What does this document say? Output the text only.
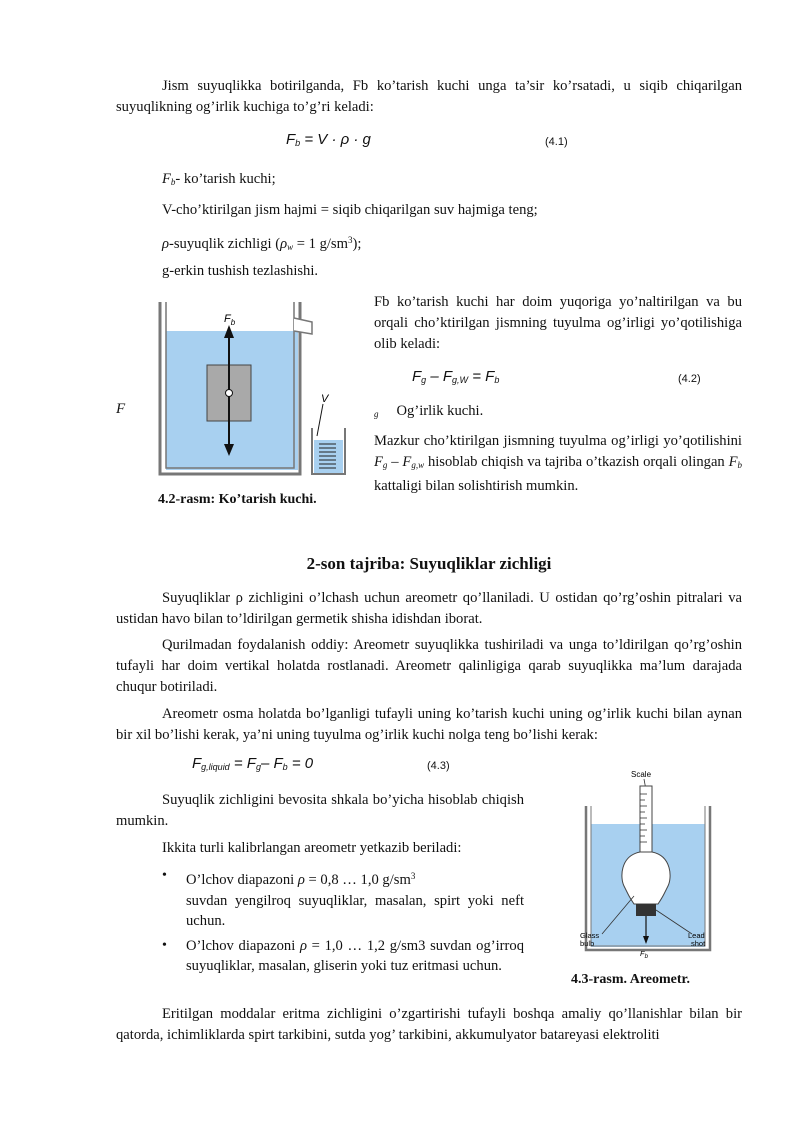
Jism suyuqlikka botirilganda, Fb ko’tarish kuchi unga ta’sir ko’rsatadi, u siqib chiqarilgan suyuqlikning og’irlik kuchiga to’g’ri keladi:
$F_b = V \cdot \rho \cdot g$	(4.1)
$F_b-$ ko’tarish kuchi;
V-cho’ktirilgan jism hajmi = siqib chiqarilgan suv hajmiga teng;
ρ-suyuqlik zichligi ($\rho_w = 1$ $g/sm^3$);
g-erkin tushish tezlashishi.
F
$F_b$
V
4.2-rasm: Ko’tarish kuchi.
Fb ko’tarish kuchi har doim yuqoriga yo’naltirilgan va bu orqali cho’ktirilgan jismning tuyulma og’irligi yo’qotilishiga olib keladi:
$F_g - F_{g,W} = F_b$	(4.2)
$_g$ Og’irlik kuchi.
Mazkur cho’ktirilgan jismning tuyulma og’irligi yo’qotilishini $F_g - F_{g,w}$ hisoblab chiqish va tajriba o’tkazish orqali olingan $F_b$ kattaligi bilan solishtirish mumkin.
2-son tajriba: Suyuqliklar zichligi
Suyuqliklar ρ zichligini o’lchash uchun areometr qo’llaniladi. U ostidan qo’rg’oshin pitralari va ustidan havo bilan to’ldirilgan germetik shisha idishdan iborat.
Qurilmadan foydalanish oddiy: Areometr suyuqlikka tushiriladi va unga to’ldirilgan qo’rg’oshin tufayli har doim vertikal holatda rostlanadi. Areometr qalinligiga qarab suyuqlikka ma’lum darajada chuqur botiriladi.
Areometr osma holatda bo’lganligi tufayli uning ko’tarish kuchi uning og’irlik kuchi bilan aynan bir xil bo’lishi kerak, ya’ni uning tuyulma og’irlik kuchi nolga teng bo’lishi kerak:
$F_{g,liquid} = F_g-$ $F_b = 0$	(4.3)
Suyuqlik zichligini bevosita shkala bo’yicha hisoblab chiqish mumkin.
Ikkita turli kalibrlangan areometr yetkazib beriladi:
• O’lchov diapazoni ρ = 0,8 … 1,0 $g/sm^3$
suvdan yengilroq suyuqliklar, masalan, spirt yoki neft uchun.
• O’lchov diapazoni ρ = 1,0 … 1,2 g/sm3 suvdan og’irroq suyuqliklar, masalan, gliserin yoki tuz eritmasi uchun.
Eritilgan moddalar eritma zichligini o’zgartirishi tufayli boshqa amaliy qo’llanishlar bilan bir qatorda, ichimliklarda spirt tarkibini, sutda yog’ tarkibini, akkumulyator batareyasi elektroliti
Scale
Glass bulb
Lead shot
$F_b$
4.3-rasm. Areometr.
